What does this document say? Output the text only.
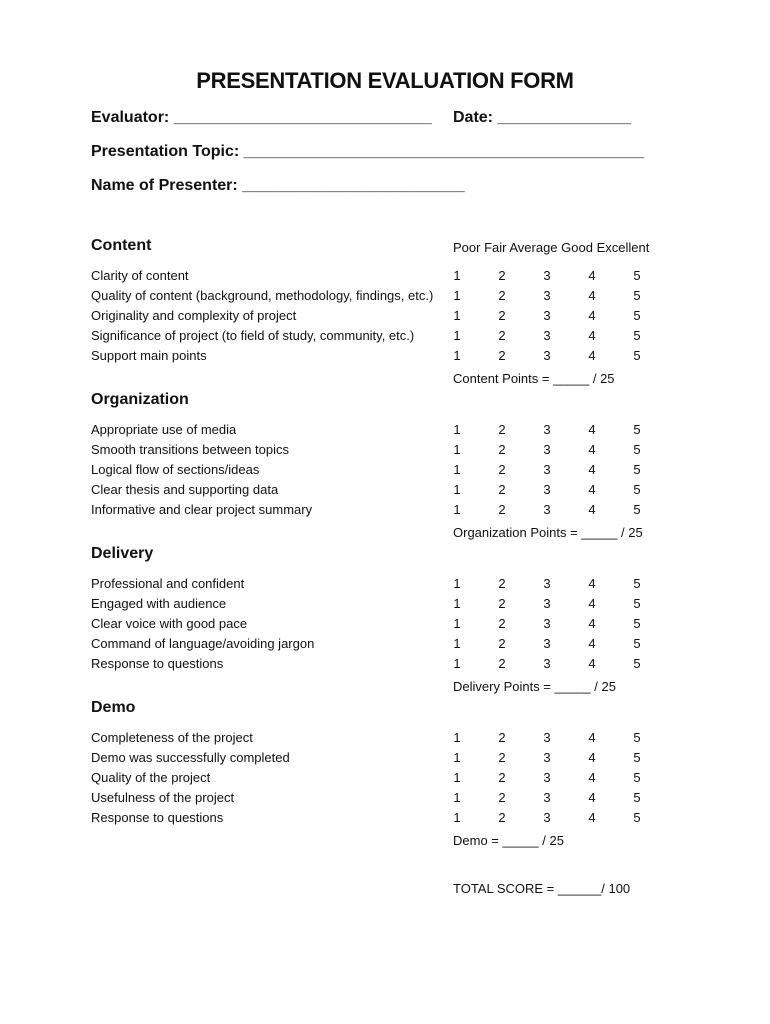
PRESENTATION EVALUATION FORM
Evaluator: _____________________________ Date: _______________
Presentation Topic: _____________________________________________
Name of Presenter: _________________________
Poor Fair Average Good Excellent
Content
Clarity of content	1	2	3	4	5
Quality of content (background, methodology, findings, etc.) 1	2	3	4	5
Originality and complexity of project	1	2	3	4	5
Significance of project (to field of study, community, etc.)	1	2	3	4	5
Support main points	1	2	3	4	5
Content Points = _____ / 25
Organization
Appropriate use of media	1	2	3	4	5
Smooth transitions between topics	1	2	3	4	5
Logical flow of sections/ideas	1	2	3	4	5
Clear thesis and supporting data	1	2	3	4	5
Informative and clear project summary	1	2	3	4	5
Organization Points = _____ / 25
Delivery
Professional and confident	1	2	3	4	5
Engaged with audience	1	2	3	4	5
Clear voice with good pace	1	2	3	4	5
Command of language/avoiding jargon	1	2	3	4	5
Response to questions	1	2	3	4	5
Delivery Points = _____ / 25
Demo
Completeness of the project	1	2	3	4	5
Demo was successfully completed	1	2	3	4	5
Quality of the project	1	2	3	4	5
Usefulness of the project	1	2	3	4	5
Response to questions	1	2	3	4	5
Demo = _____ / 25
TOTAL SCORE = ______/ 100
